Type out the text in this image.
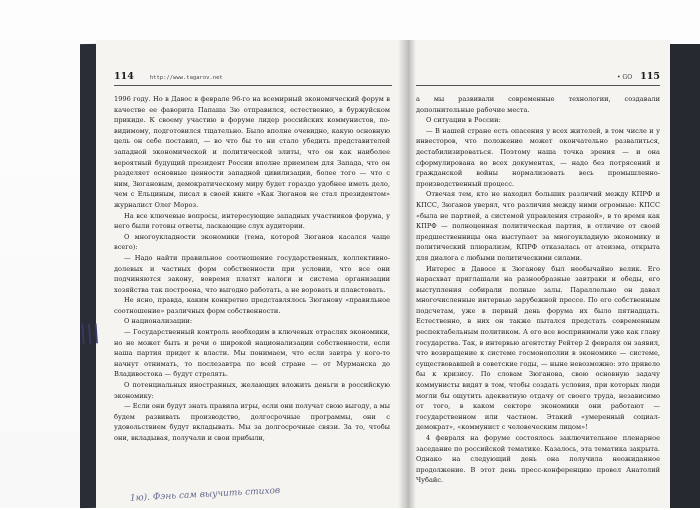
114	http://www.tagarov.net

1996 году. Но в Давос в феврале 96-го на всемирный экономический форум в качестве ее фаворита Папаша Зю отправился, естественно, в буржуйском прикиде. К своему участию в форуме лидер российских коммунистов, по-видимому, подготовился тщательно. Было вполне очевидно, какую основную цель он себе поставил, — во что бы то ни стало убедить представителей западной экономической и политической элиты, что он как наиболее вероятный будущий президент России вполне приемлем для Запада, что он разделяет основные ценности западной цивилизации, более того — что с ним, Зюгановым, демократическому миру будет гораздо удобнее иметь дело, чем с Ельциным, писал в своей книге «Как Зюганов не стал президентом» журналист Олег Мороз.

На все ключевые вопросы, интересующие западных участников форума, у него были готовы ответы, ласкающие слух аудитории.

О многоукладности экономики (тема, которой Зюганов касался чаще всего):

— Надо найти правильное соотношение государственных, коллективно-долевых и частных форм собственности при условии, что все они подчиняются закону, вовремя платят налоги и система организации хозяйства так построена, что выгодно работать, а не воровать и плавстовать.

Не ясно, правда, каким конкретно представлялось Зюганову «правильное соотношение» различных форм собственности.

О национализации:

— Государственный контроль необходим в ключевых отраслях экономики, но не может быть и речи о широкой национализации собственности, если наша партия придет к власти. Мы понимаем, что если завтра у кого-то начнут отнимать, то послезавтра по всей стране — от Мурманска до Владивостока — будут стрелять.

О потенциальных иностранных, желающих вложить деньги в российскую экономику:

— Если они будут знать правила игры, если они получат свою выгоду, а мы будем развивать производство, долгосрочные программы, они с удовольствием будут вкладывать. Мы за долгосрочные связи. За то, чтобы они, вкладывая, получали и свои прибыли,

• GO 115

а мы развивали современные технологии, создавали дополнительные рабочие места.

О ситуации в России:

— В нашей стране есть опасения у всех жителей, в том числе и у инвесторов, что положение может окончательно развалиться, дестабилизироваться. Поэтому наша точка зрения — и она сформулирована во всех документах, — надо без потрясений и гражданской войны нормализовать весь промышленно-производственный процесс.

Отвечая тем, кто не находил больших различий между КПРФ и КПСС, Зюганов уверял, что различия между ними огромные: КПСС «была не партией, а системой управления страной», в то время как КПРФ — полноценная политическая партия, в отличие от своей предшественницы она выступает за многоукладную экономику и политический плюрализм, КПРФ отказалась от атеизма, открыта для диалога с любыми политическими силами.

Интерес в Давосе к Зюганову был необычайно велик. Его нарасхват приглашали на разнообразные завтраки и обеды, его выступления собирали полные залы. Параллельно он давал многочисленные интервью зарубежной прессе. По его собственным подсчетам, уже в первый день форума их было пятнадцать. Естественно, в них он также пытался предстать современным респектабельным политиком. А его все воспринимали уже как главу государства. Так, в интервью агентству Рейтер 2 февраля он заявил, что возвращение к системе госмонополии в экономике — системе, существовавшей в советские годы, — ныне невозможно: это привело бы к кризису. По словам Зюганова, свою основную задачу коммунисты видят в том, чтобы создать условия, при которых люди могли бы ощутить адекватную отдачу от своего труда, независимо от того, в каком секторе экономики они работают — государственном или частном. Этакий «умеренный социал-демократ», «коммунист с человеческим лицом»!

4 февраля на форуме состоялось заключительное пленарное заседание по российской тематике. Казалось, эта тематика закрыта. Однако на следующий день она получила неожиданное продолжение. В этот день пресс-конференцию провел Анатолий Чубайс.

|||
1ю). Фэнь сам выучить стихов
